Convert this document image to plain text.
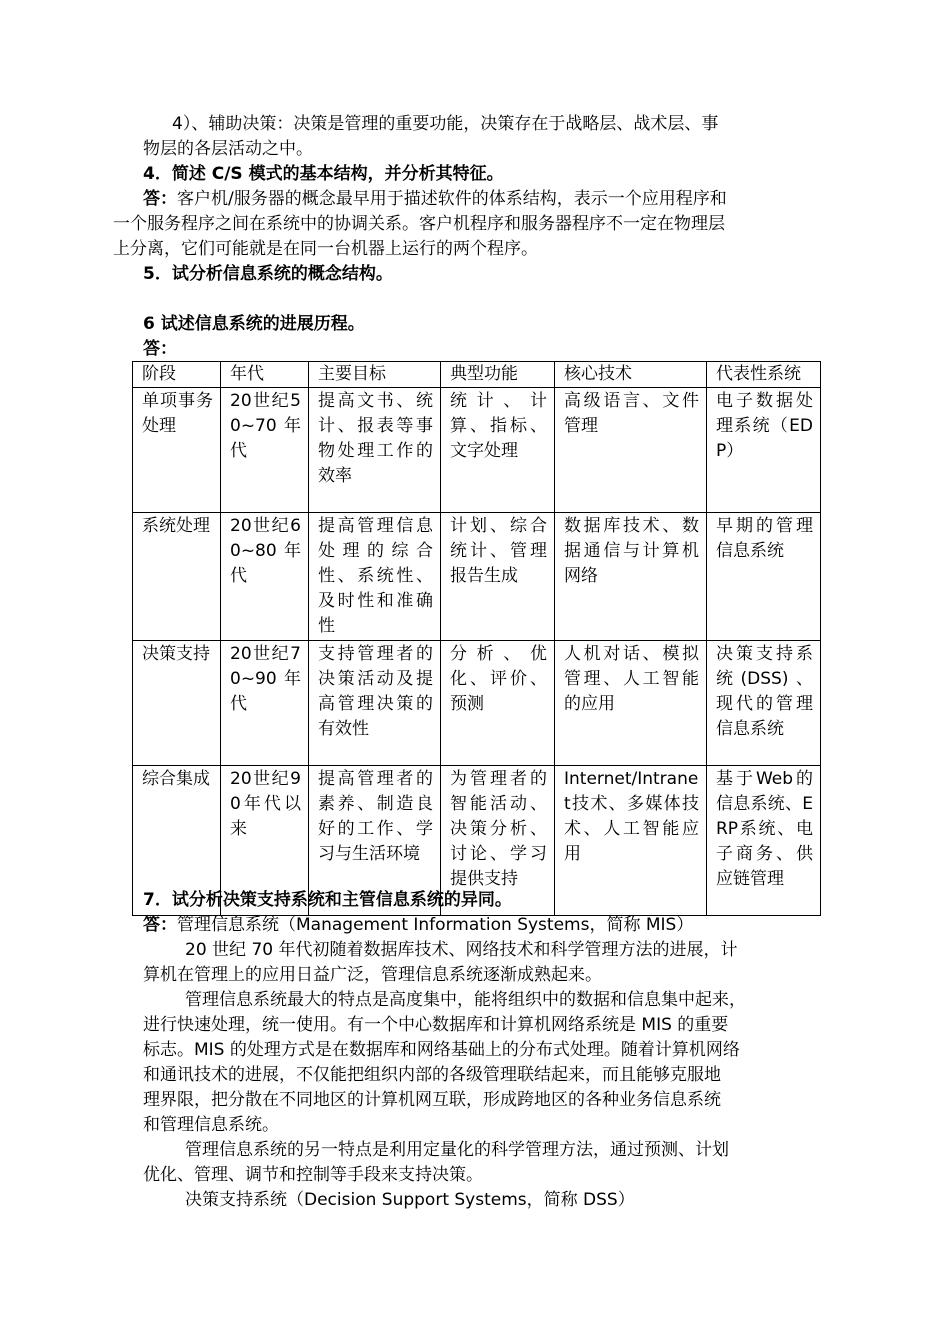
4）、辅助决策：决策是管理的重要功能，决策存在于战略层、战术层、事
物层的各层活动之中。
4．简述 C/S 模式的基本结构，并分析其特征。
答： 客户机/服务器的概念最早用于描述软件的体系结构，表示一个应用程序和
一个服务程序之间在系统中的协调关系。客户机程序和服务器程序不一定在物理层
上分离，它们可能就是在同一台机器上运行的两个程序。
5．试分析信息系统的概念结构。
6 试述信息系统的进展历程。
答：
阶段	年代	主要目标	典型功能	核心技术	代表性系统
单项事务处理	20世纪50~70年代	提高文书、统计、报表等事物处理工作的效率	统计、计算、指标、文字处理	高级语言、文件管理	电子数据处理系统（EDP）
系统处理	20世纪60~80年代	提高管理信息处理的综合性、系统性、及时性和准确性	计划、综合统计、管理报告生成	数据库技术、数据通信与计算机网络	早期的管理信息系统
决策支持	20世纪70~90年代	支持管理者的决策活动及提高管理决策的有效性	分析、优化、评价、预测	人机对话、模拟管理、人工智能的应用	决策支持系统(DSS)、现代的管理信息系统
综合集成	20世纪90年代以来	提高管理者的素养、制造良好的工作、学习与生活环境	为管理者的智能活动、决策分析、讨论、学习提供支持	Internet/Intranet技术、多媒体技术、人工智能应用	基于Web的信息系统、ERP系统、电子商务、供应链管理
7．试分析决策支持系统和主管信息系统的异同。
答： 管理信息系统（Management Information Systems，简称 MIS）
20 世纪 70 年代初随着数据库技术、网络技术和科学管理方法的进展，计
算机在管理上的应用日益广泛，管理信息系统逐渐成熟起来。
管理信息系统最大的特点是高度集中，能将组织中的数据和信息集中起来，
进行快速处理，统一使用。有一个中心数据库和计算机网络系统是 MIS 的重要
标志。MIS 的处理方式是在数据库和网络基础上的分布式处理。随着计算机网络
和通讯技术的进展，不仅能把组织内部的各级管理联结起来，而且能够克服地
理界限，把分散在不同地区的计算机网互联，形成跨地区的各种业务信息系统
和管理信息系统。
管理信息系统的另一特点是利用定量化的科学管理方法，通过预测、计划
优化、管理、调节和控制等手段来支持决策。
决策支持系统（Decision Support Systems，简称 DSS）
